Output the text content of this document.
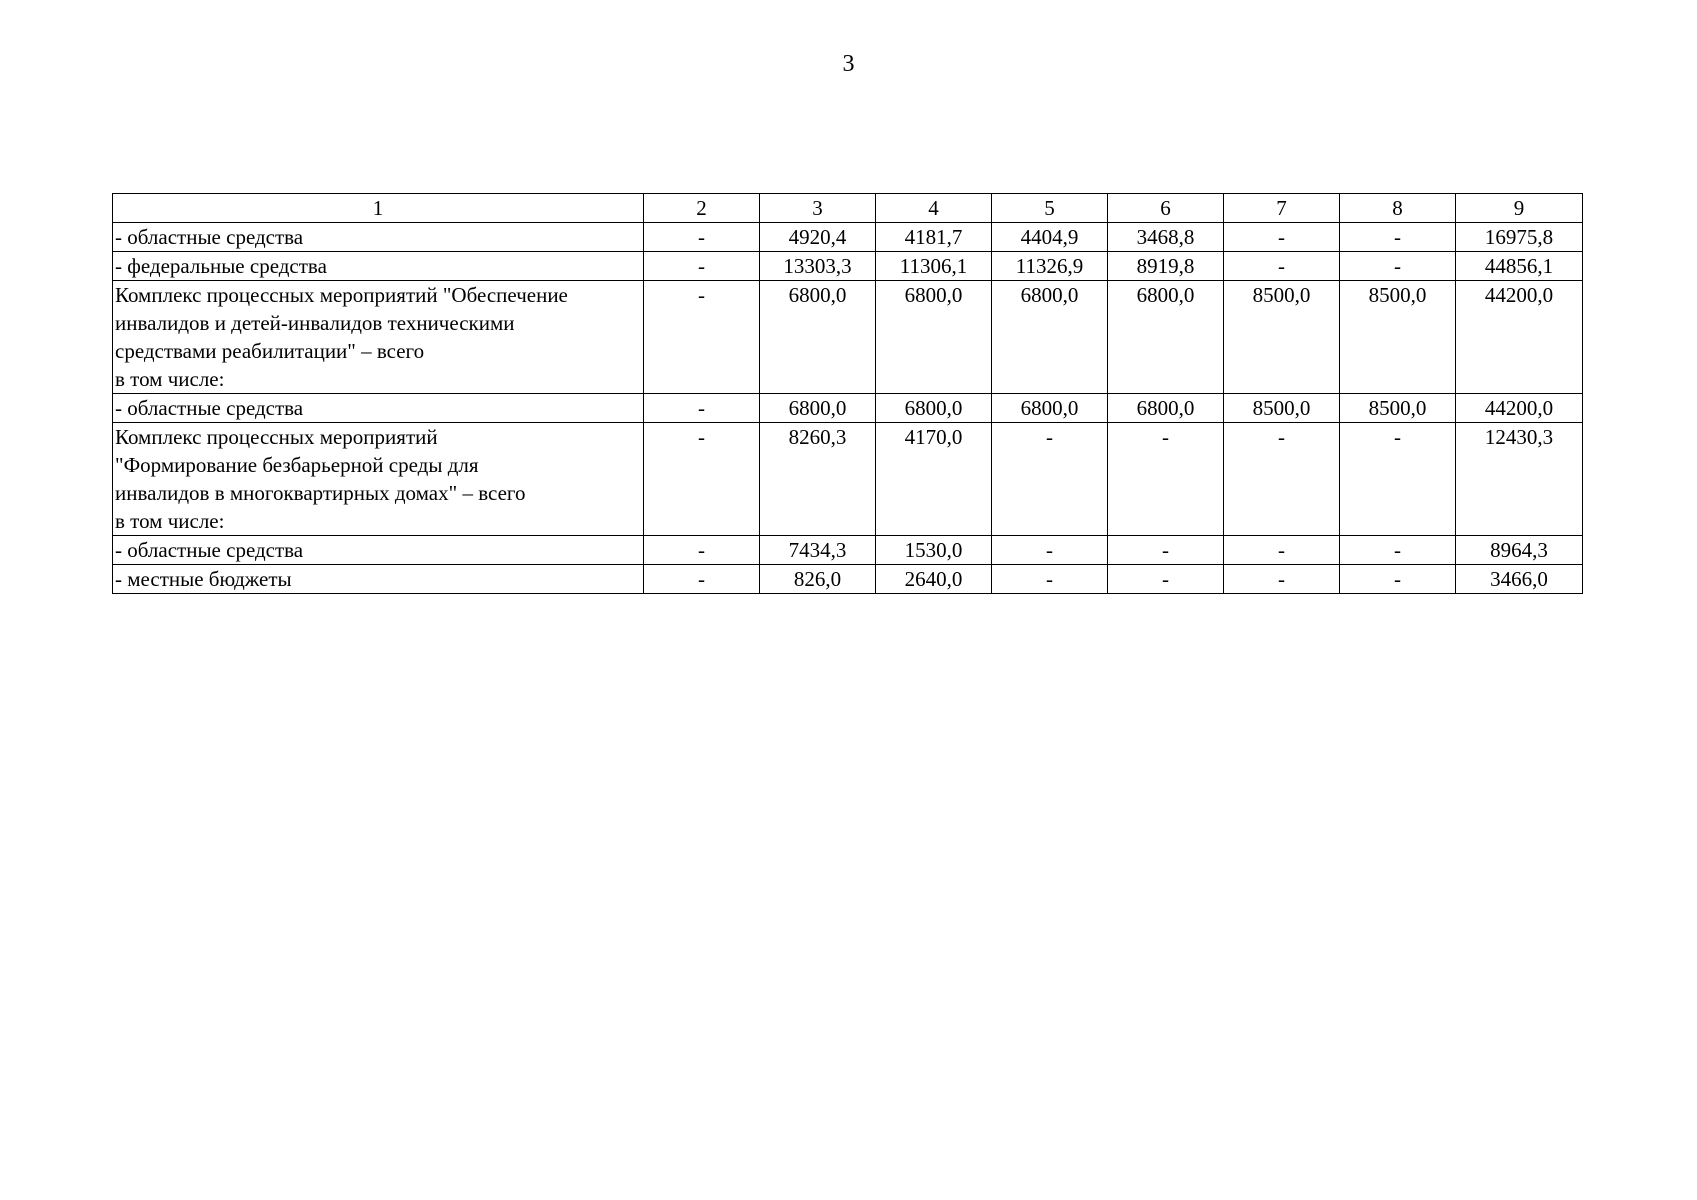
3
1	2	3	4	5	6	7	8	9

- областные средства	-	4920,4	4181,7	4404,9	3468,8	-	-	16975,8

- федеральные средства	-	13303,3	11306,1	11326,9	8919,8	-	-	44856,1

Комплекс процессных мероприятий "Обеспечение
инвалидов и детей-инвалидов техническими
средствами реабилитации" – всего
в том числе:	-	6800,0	6800,0	6800,0	6800,0	8500,0	8500,0	44200,0

- областные средства	-	6800,0	6800,0	6800,0	6800,0	8500,0	8500,0	44200,0

Комплекс процессных мероприятий
"Формирование безбарьерной среды для
инвалидов в многоквартирных домах" – всего
в том числе:	-	8260,3	4170,0	-	-	-	-	12430,3

- областные средства	-	7434,3	1530,0	-	-	-	-	8964,3

- местные бюджеты	-	826,0	2640,0	-	-	-	-	3466,0
